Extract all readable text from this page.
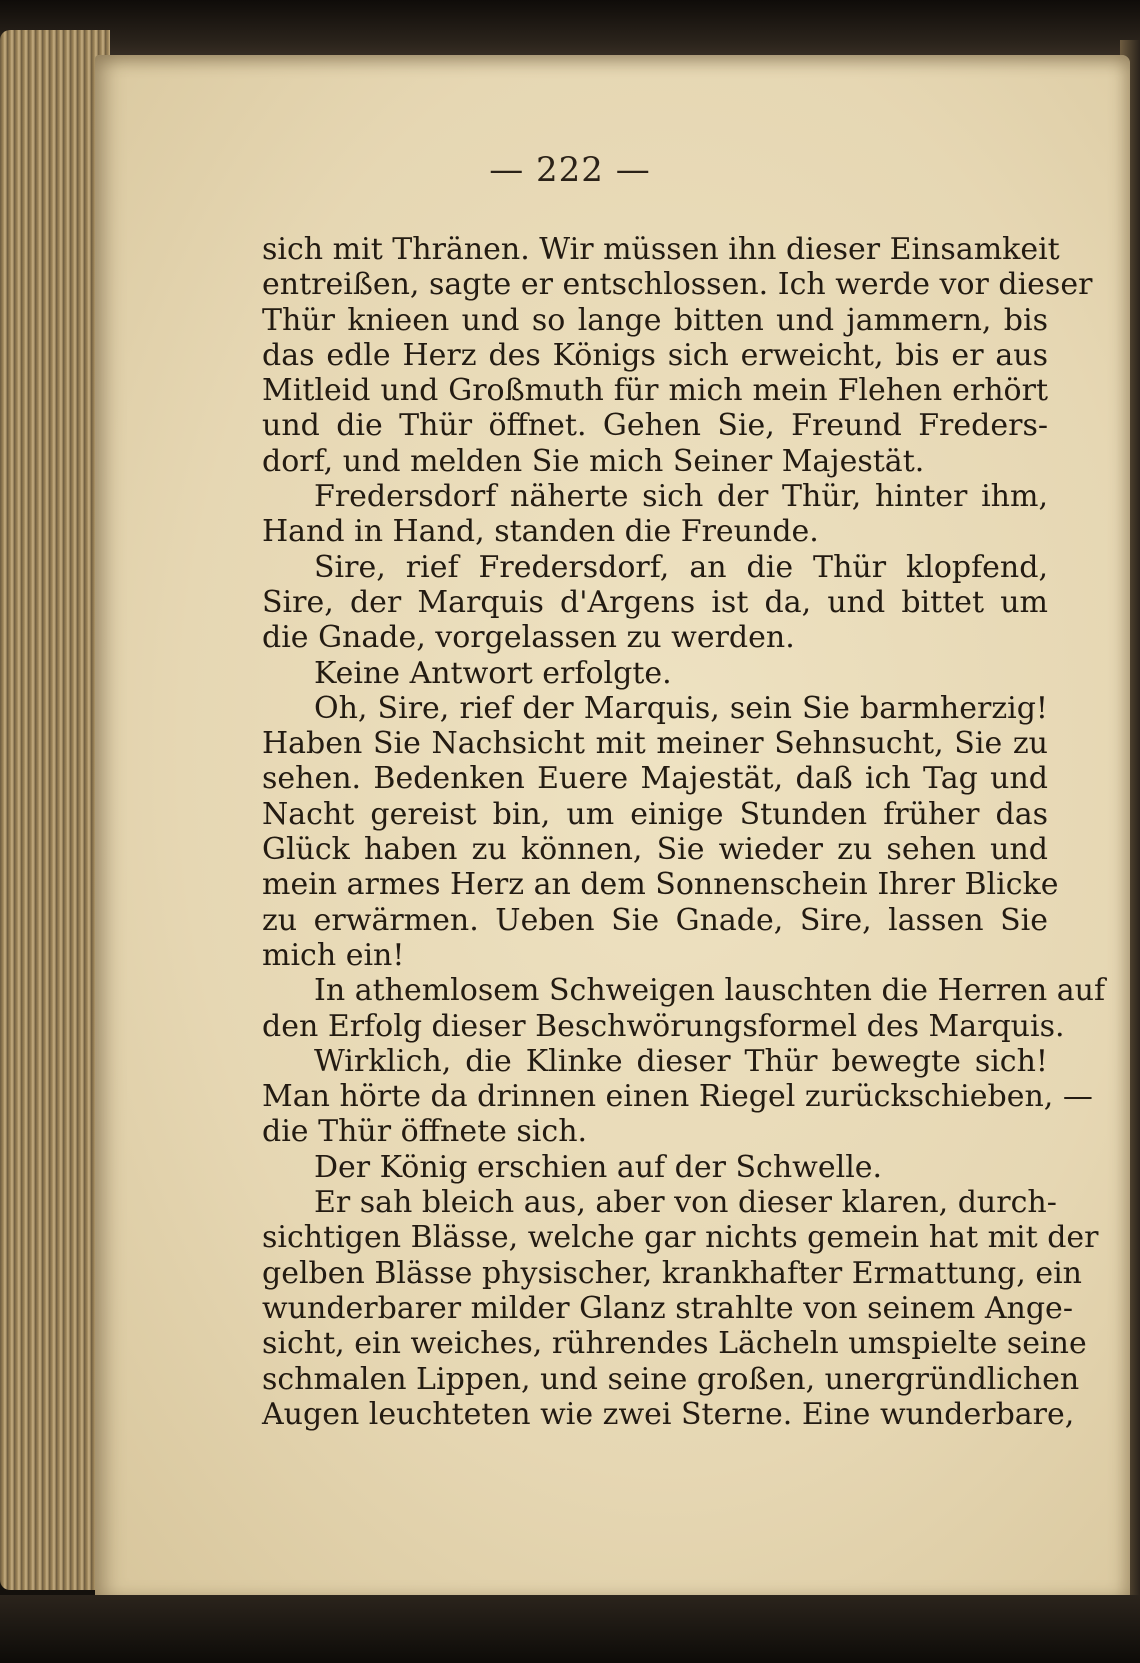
— 222 —
sich mit Thränen. Wir müssen ihn dieser Einsamkeit
entreißen, sagte er entschlossen. Ich werde vor dieser
Thür knieen und so lange bitten und jammern, bis
das edle Herz des Königs sich erweicht, bis er aus
Mitleid und Großmuth für mich mein Flehen erhört
und die Thür öffnet. Gehen Sie, Freund Freders-
dorf, und melden Sie mich Seiner Majestät.
Fredersdorf näherte sich der Thür, hinter ihm,
Hand in Hand, standen die Freunde.
Sire, rief Fredersdorf, an die Thür klopfend,
Sire, der Marquis d'Argens ist da, und bittet um
die Gnade, vorgelassen zu werden.
Keine Antwort erfolgte.
Oh, Sire, rief der Marquis, sein Sie barmherzig!
Haben Sie Nachsicht mit meiner Sehnsucht, Sie zu
sehen. Bedenken Euere Majestät, daß ich Tag und
Nacht gereist bin, um einige Stunden früher das
Glück haben zu können, Sie wieder zu sehen und
mein armes Herz an dem Sonnenschein Ihrer Blicke
zu erwärmen. Ueben Sie Gnade, Sire, lassen Sie
mich ein!
In athemlosem Schweigen lauschten die Herren auf
den Erfolg dieser Beschwörungsformel des Marquis.
Wirklich, die Klinke dieser Thür bewegte sich!
Man hörte da drinnen einen Riegel zurückschieben, —
die Thür öffnete sich.
Der König erschien auf der Schwelle.
Er sah bleich aus, aber von dieser klaren, durch-
sichtigen Blässe, welche gar nichts gemein hat mit der
gelben Blässe physischer, krankhafter Ermattung, ein
wunderbarer milder Glanz strahlte von seinem Ange-
sicht, ein weiches, rührendes Lächeln umspielte seine
schmalen Lippen, und seine großen, unergründlichen
Augen leuchteten wie zwei Sterne. Eine wunderbare,
